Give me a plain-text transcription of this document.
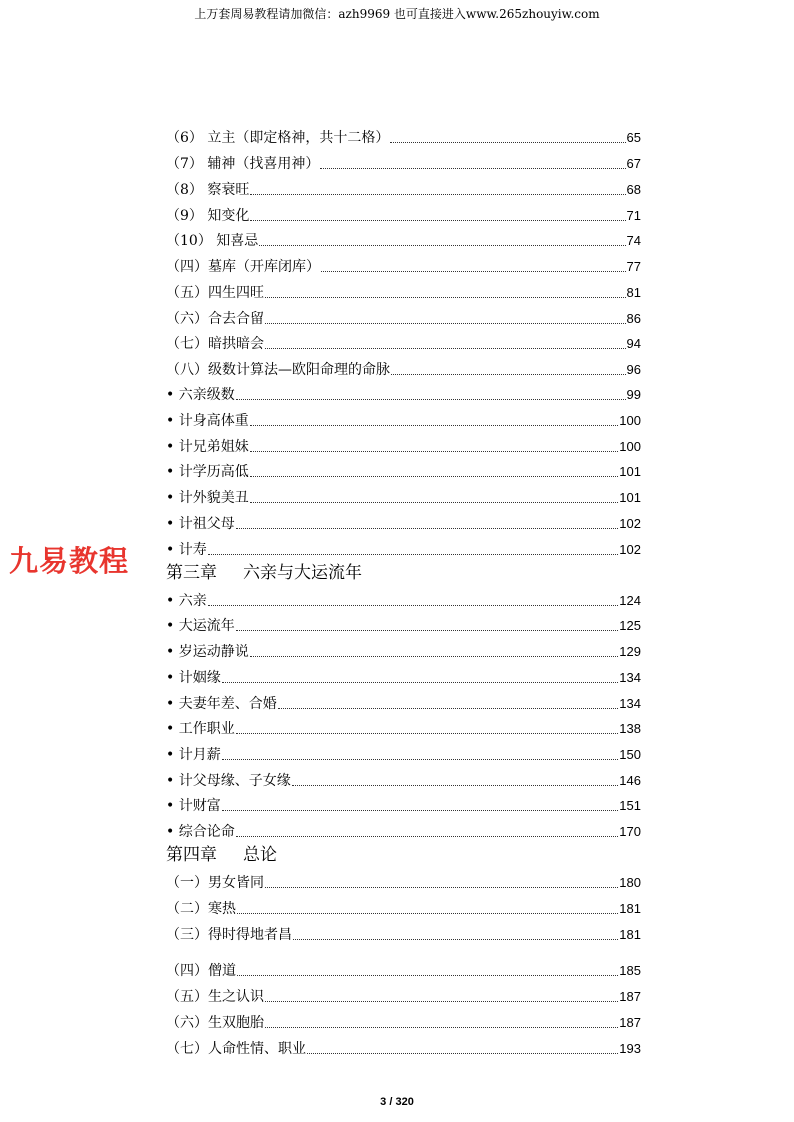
上万套周易教程请加微信：azh9969 也可直接进入www.265zhouyiw.com
九易教程
（6） 立主（即定格神，共十二格）	65
（7） 辅神（找喜用神）	67
（8） 察衰旺	68
（9） 知变化	71
（10） 知喜忌	74
（四）墓库（开库闭库）	77
（五）四生四旺	81
（六）合去合留	86
（七）暗拱暗会	94
（八）级数计算法—欧阳命理的命脉	96
• 六亲级数	99
• 计身高体重	100
• 计兄弟姐妹	100
• 计学历高低	101
• 计外貌美丑	101
• 计祖父母	102
• 计寿	102
第三章 六亲与大运流年
• 六亲	124
• 大运流年	125
• 岁运动静说	129
• 计姻缘	134
• 夫妻年差、合婚	134
• 工作职业	138
• 计月薪	150
• 计父母缘、子女缘	146
• 计财富	151
• 综合论命	170
第四章 总论
（一）男女皆同	180
（二）寒热	181
（三）得时得地者昌	181
（四）僧道	185
（五）生之认识	187
（六）生双胞胎	187
（七）人命性情、职业	193
3 / 320
